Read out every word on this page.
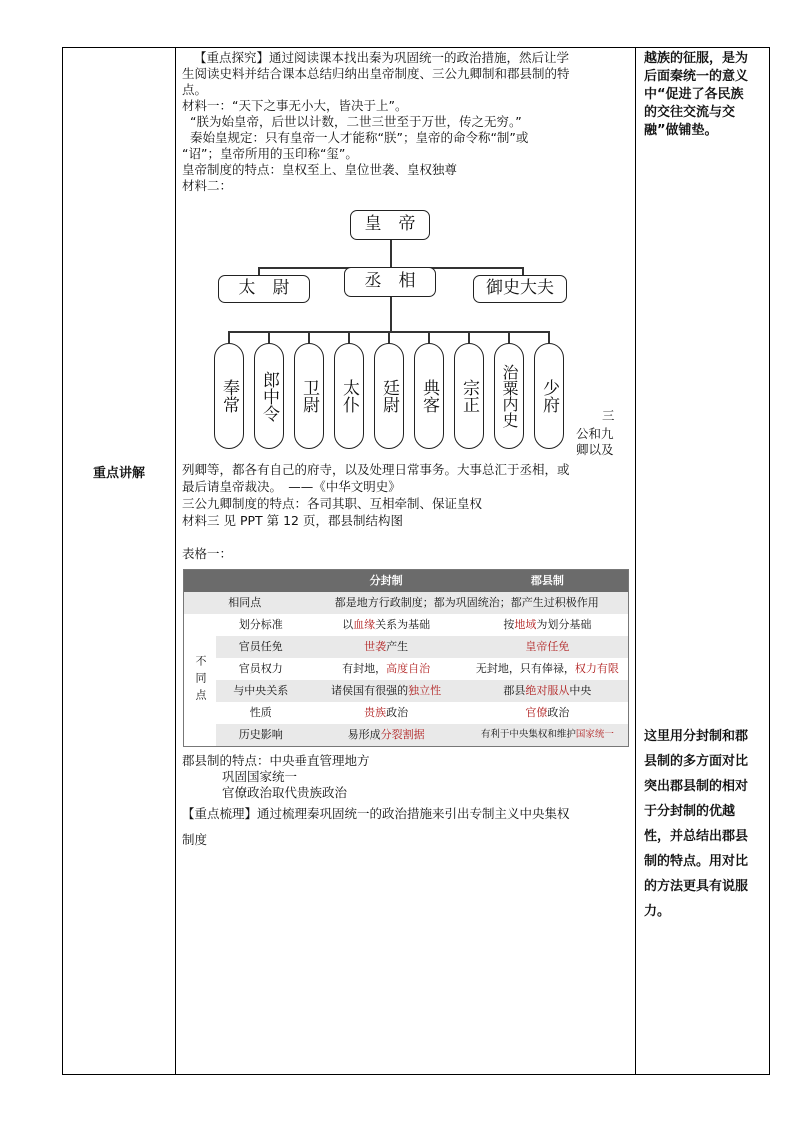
重点讲解

【重点探究】通过阅读课本找出秦为巩固统一的政治措施，然后让学

生阅读史料并结合课本总结归纳出皇帝制度、三公九卿制和郡县制的特

点。

材料一：“天下之事无小大，皆决于上”。

“朕为始皇帝，后世以计数，二世三世至于万世，传之无穷。”

秦始皇规定：只有皇帝一人才能称“朕”；皇帝的命令称“制”或

“诏”；皇帝所用的玉印称“玺”。

皇帝制度的特点：皇权至上、皇位世袭、皇权独尊

材料二：

皇　帝
丞　相
太　尉	御史大夫
奉常 郎中令 卫尉 太仆 廷尉 典客 宗正	治粟内史 少府
三
公和九
卿以及

列卿等，都各有自己的府寺，以及处理日常事务。大事总汇于丞相，或

最后请皇帝裁决。　——《中华文明史》

三公九卿制度的特点：各司其职、互相牵制、保证皇权

材料三 见 PPT 第 12 页，郡县制结构图

表格一：

分封制	郡县制
相同点	都是地方行政制度；都为巩固统治；都产生过积极作用
不同点
划分标准	以血缘关系为基础	按地域为划分基础
官员任免	世袭产生	皇帝任免
官员权力	有封地，高度自治	无封地，只有俸禄，权力有限
与中央关系	诸侯国有很强的独立性	郡县绝对服从中央
性质	贵族政治	官僚政治
历史影响	易形成分裂割据	有利于中央集权和维护国家统一

郡县制的特点：中央垂直管理地方

巩固国家统一

官僚政治取代贵族政治

【重点梳理】通过梳理秦巩固统一的政治措施来引出专制主义中央集权

制度

越族的征服，是为
后面秦统一的意义
中“促进了各民族
的交往交流与交
融”做铺垫。
这里用分封制和郡
县制的多方面对比
突出郡县制的相对
于分封制的优越
性，并总结出郡县
制的特点。用对比
的方法更具有说服
力。
